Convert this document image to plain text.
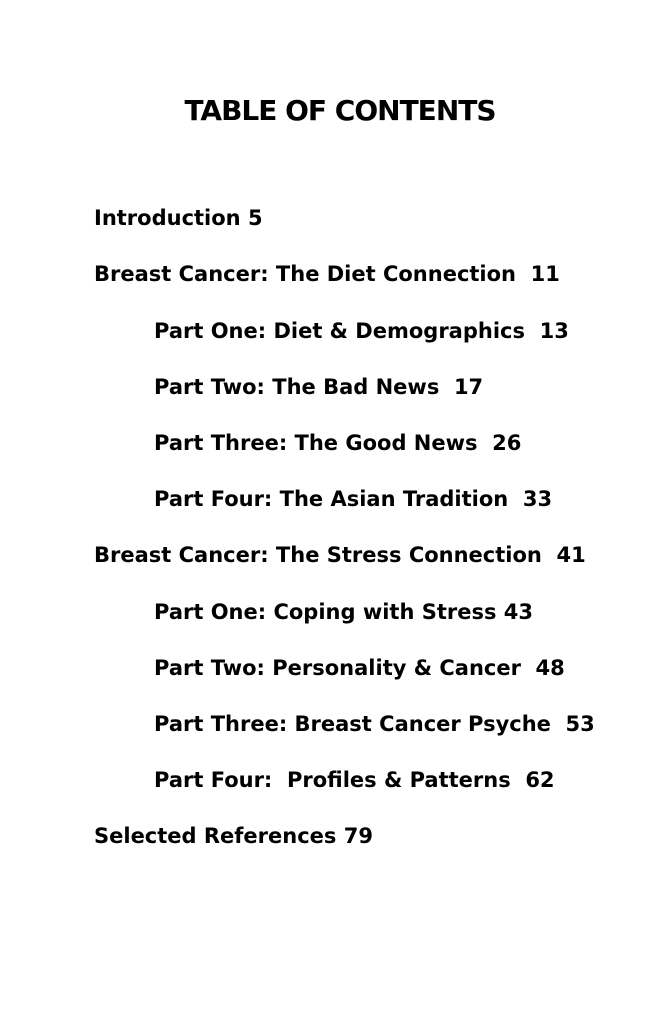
TABLE OF CONTENTS
Introduction 5
Breast Cancer: The Diet Connection  11
Part One: Diet & Demographics  13
Part Two: The Bad News  17
Part Three: The Good News  26
Part Four: The Asian Tradition  33
Breast Cancer: The Stress Connection  41
Part One: Coping with Stress 43
Part Two: Personality & Cancer  48
Part Three: Breast Cancer Psyche  53
Part Four:  Profiles & Patterns  62
Selected References 79
